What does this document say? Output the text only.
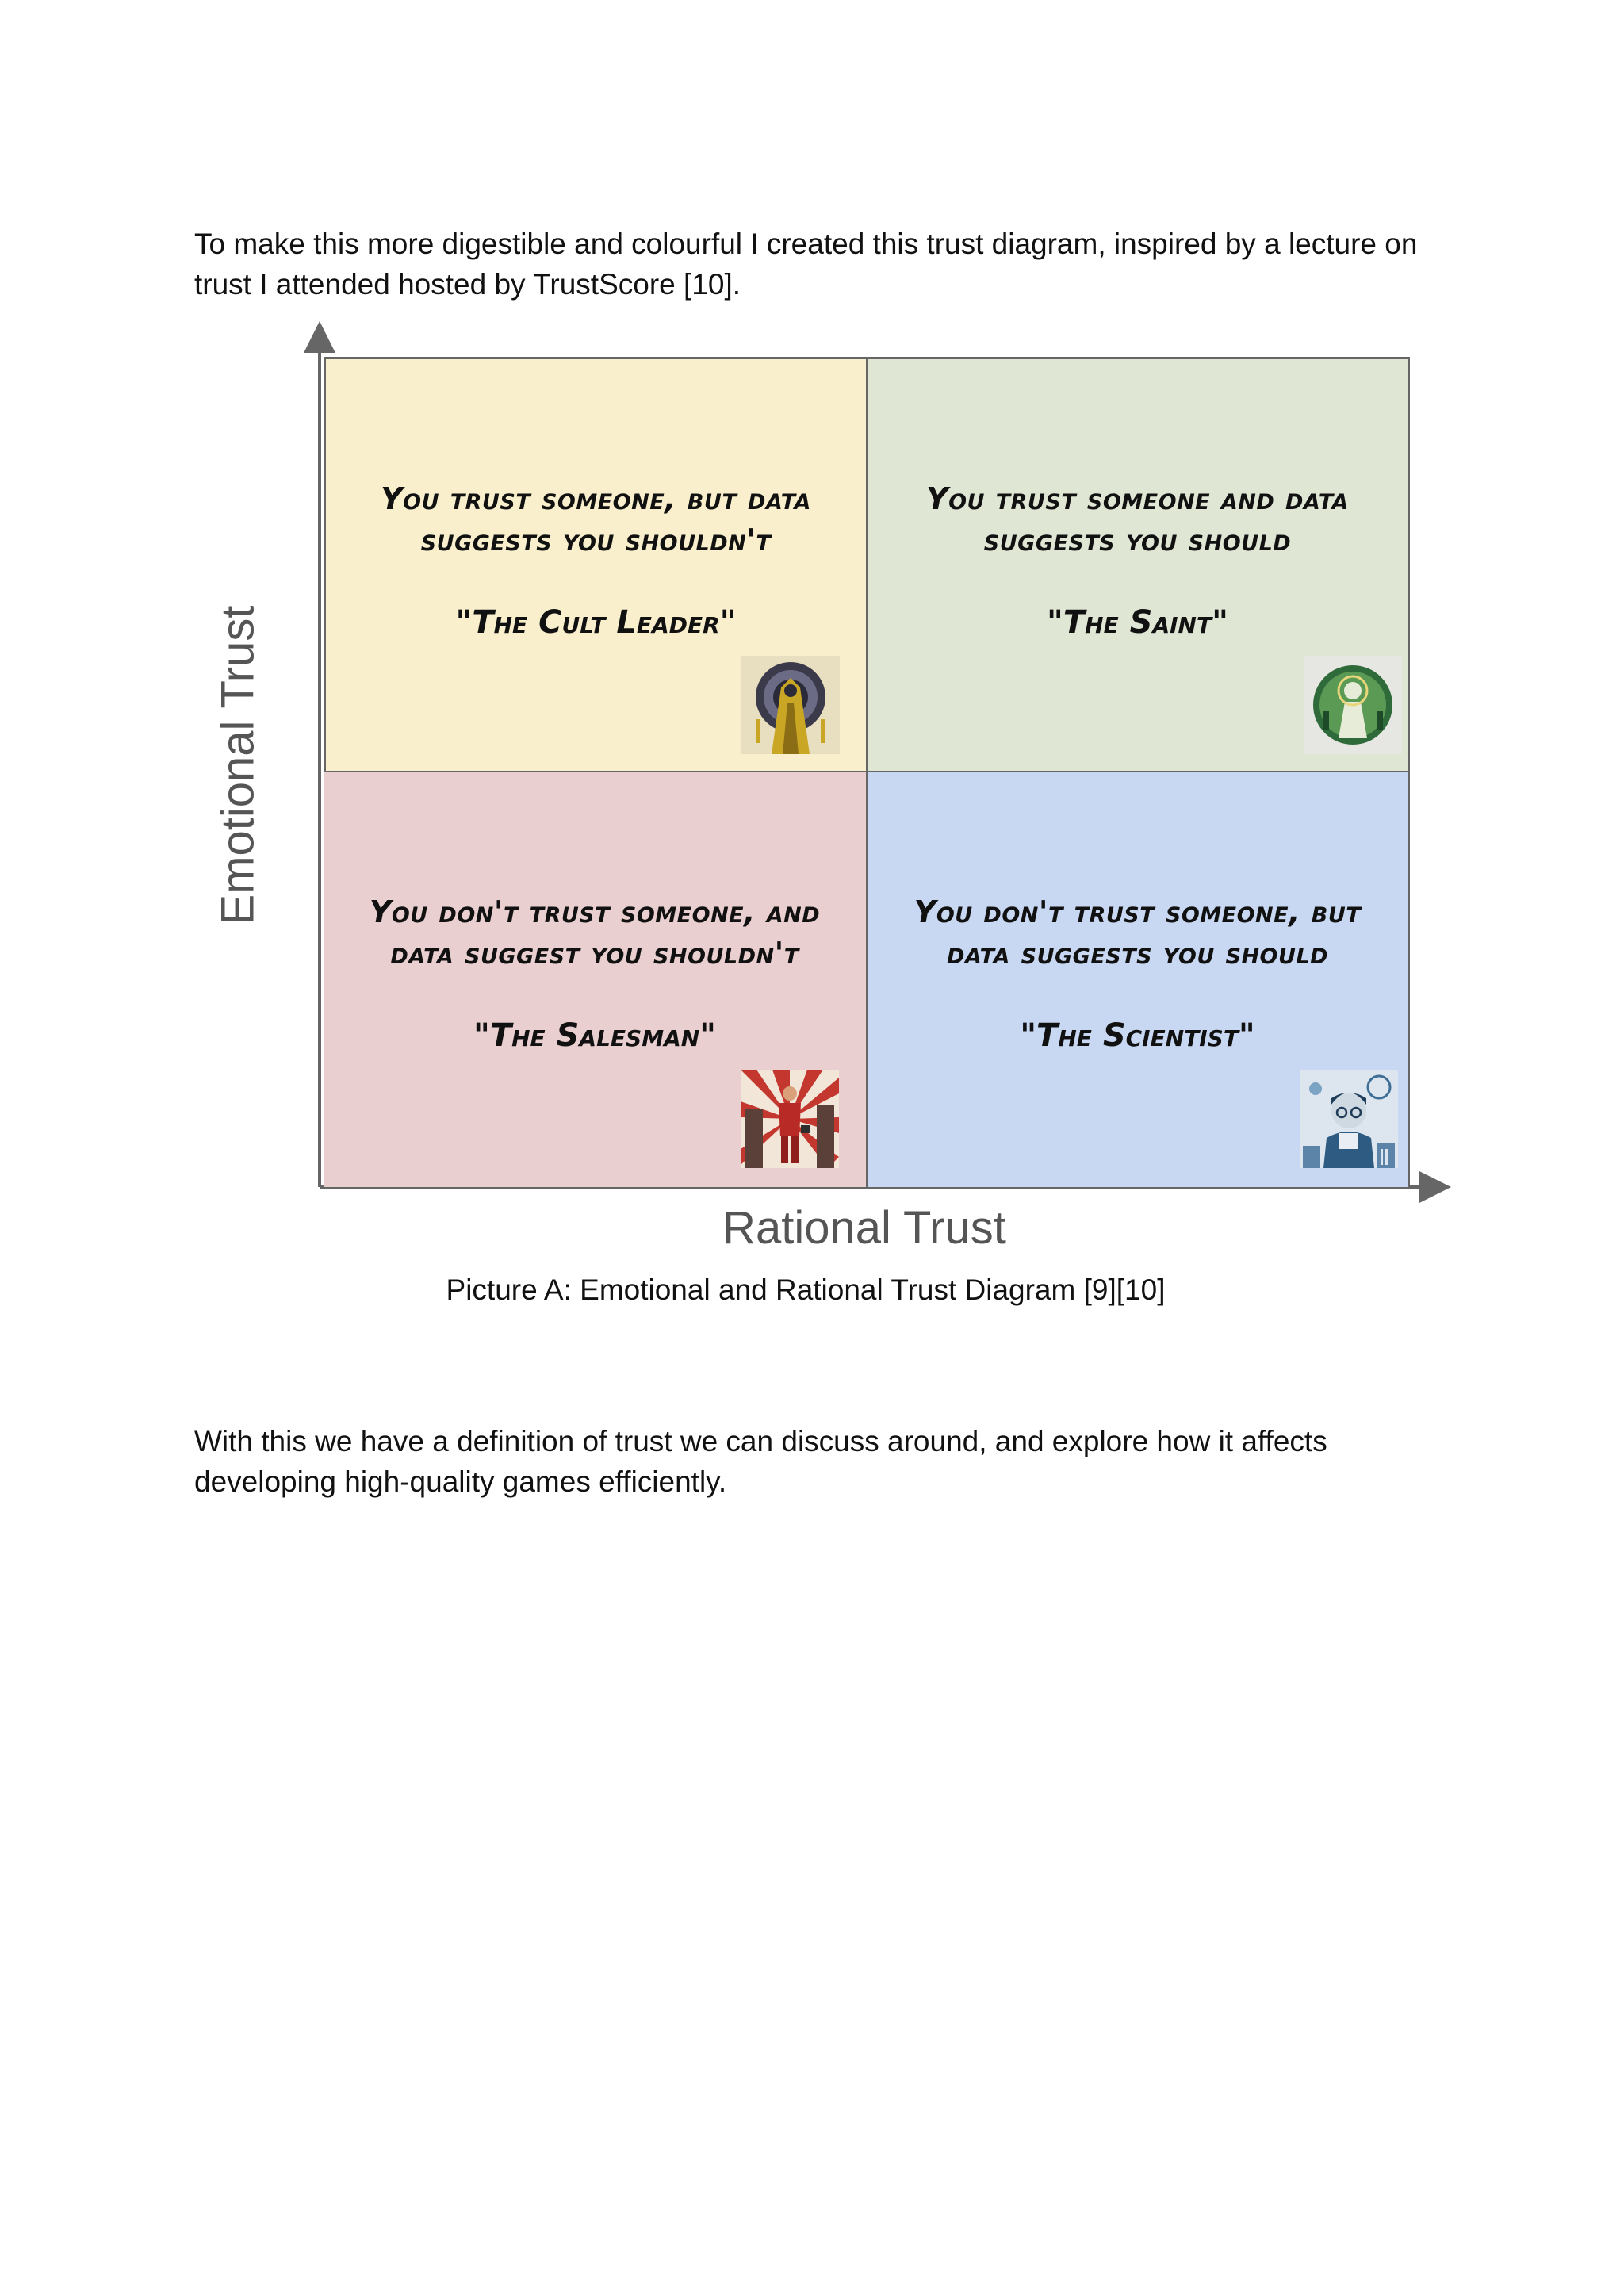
To make this more digestible and colourful I created this trust diagram, inspired by a lecture on trust I attended hosted by TrustScore [10].

You trust someone, but data
suggests you shouldn't
"The Cult Leader"
You trust someone and data
suggests you should
"The Saint"
You don't trust someone, and
data suggest you shouldn't
"The Salesman"
You don't trust someone, but
data suggests you should
"The Scientist"
Emotional Trust
Rational Trust
Picture A: Emotional and Rational Trust Diagram [9][10]

With this we have a definition of trust we can discuss around, and explore how it affects developing high-quality games efficiently.
